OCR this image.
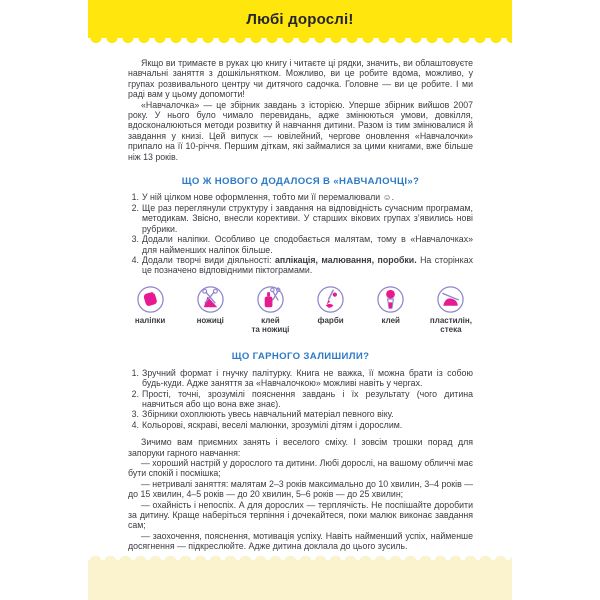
Любі дорослі!

Якщо ви тримаєте в руках цю книгу і читаєте ці рядки, значить, ви облаштовуєте навчальні заняття з дошкільнятком. Можливо, ви це робите вдома, можливо, у групах розвивального центру чи дитячого садочка. Головне — ви це робите. І ми раді вам у цьому допомогти!

«Навчалочка» — це збірник завдань з історією. Уперше збірник вийшов 2007 року. У нього було чимало перевидань, адже змінюються умови, довкілля, вдосконалюються методи розвитку й навчання дитини. Разом із тим змінювалися й завдання у книзі. Цей випуск — ювілейний, чергове оновлення «Навчалочки» припало на її 10-річчя. Першим діткам, які займалися за цими книгами, вже більше ніж 13 років.

ЩО Ж НОВОГО ДОДАЛОСЯ В «НАВЧАЛОЧЦІ»?
1. У ній цілком нове оформлення, тобто ми її перемалювали ☺.
2. Ще раз переглянули структуру і завдання на відповідність сучасним програмам, методикам. Звісно, внесли корективи. У старших вікових групах з’явились нові рубрики.
3. Додали наліпки. Особливо це сподобається малятам, тому в «Навчалочках» для найменших наліпок більше.
4. Додали творчі види діяльності: аплікація, малювання, поробки. На сторінках це позначено відповідними піктограмами.
наліпки	ножиці	клей
та ножиці
фарби	клей	пластилін,
стека
ЩО ГАРНОГО ЗАЛИШИЛИ?
1. Зручний формат і гнучку палітурку. Книга не важка, її можна брати із собою будь-куди. Адже заняття за «Навчалочкою» можливі навіть у чергах.
2. Прості, точні, зрозумілі пояснення завдань і їх результату (чого дитина навчиться або що вона вже знає).
3. Збірники охоплюють увесь навчальний матеріал певного віку.
4. Кольорові, яскраві, веселі малюнки, зрозумілі дітям і дорослим.

Зичимо вам приємних занять і веселого сміху. І зовсім трошки порад для запоруки гарного навчання:

— хороший настрій у дорослого та дитини. Любі дорослі, на вашому обличчі має бути спокій і посмішка;

— нетривалі заняття: малятам 2–3 років максимально до 10 хвилин, 3–4 років — до 15 хвилин, 4–5 років — до 20 хвилин, 5–6 років — до 25 хвилин;

— охайність і непоспіх. А для дорослих — терплячість. Не поспішайте доробити за дитину. Краще наберіться терпіння і дочекайтеся, поки малюк виконає завдання сам;

— заохочення, пояснення, мотивація успіху. Навіть найменший успіх, найменше досягнення — підкреслюйте. Адже дитина доклала до цього зусиль.
